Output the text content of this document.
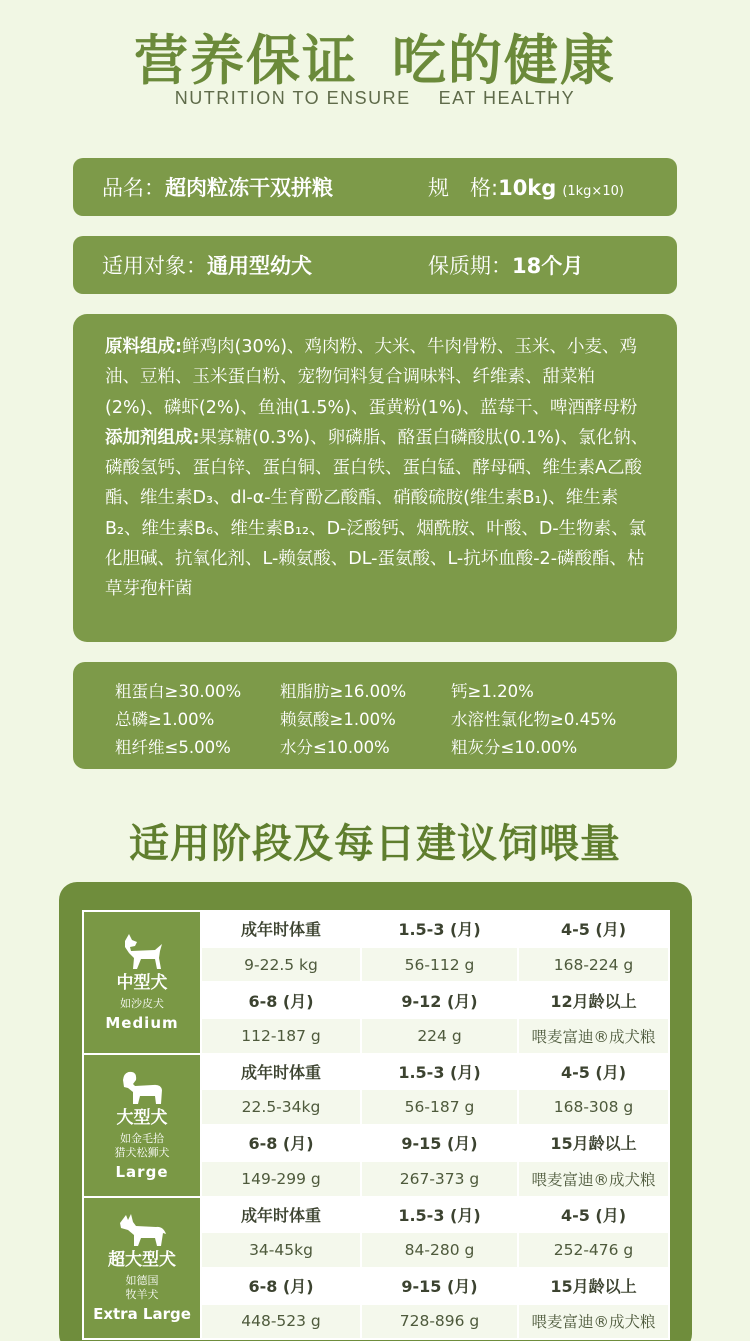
营养保证 吃的健康
NUTRITION TO ENSURE EAT HEALTHY
品名： 超肉粒冻干双拼粮	规　格:10kg (1kg×10)
适用对象： 通用型幼犬	保质期：18个月
原料组成:鲜鸡肉(30%)、鸡肉粉、大米、牛肉骨粉、玉米、小麦、鸡油、豆粕、玉米蛋白粉、宠物饲料复合调味料、纤维素、甜菜粕(2%)、磷虾(2%)、鱼油(1.5%)、蛋黄粉(1%)、蓝莓干、啤酒酵母粉
添加剂组成:果寡糖(0.3%)、卵磷脂、酪蛋白磷酸肽(0.1%)、氯化钠、磷酸氢钙、蛋白锌、蛋白铜、蛋白铁、蛋白锰、酵母硒、维生素A乙酸酯、维生素D₃、dl-α-生育酚乙酸酯、硝酸硫胺(维生素B₁)、维生素B₂、维生素B₆、维生素B₁₂、D-泛酸钙、烟酰胺、叶酸、D-生物素、氯化胆碱、抗氧化剂、L-赖氨酸、DL-蛋氨酸、L-抗坏血酸-2-磷酸酯、枯草芽孢杆菌
粗蛋白≥30.00% 粗脂肪≥16.00%	钙≥1.20%
总磷≥1.00%	赖氨酸≥1.00%	水溶性氯化物≥0.45%
粗纤维≤5.00%	水分≤10.00%	粗灰分≤10.00%
适用阶段及每日建议饲喂量
中型犬
如沙皮犬
Medium	成年时体重	1.5-3 (月)	4-5 (月)
	9-22.5 kg	56-112 g	168-224 g
	6-8 (月)	9-12 (月)	12月龄以上
	112-187 g	224 g	喂麦富迪®成犬粮

大型犬
如金毛拾
猎犬松狮犬
Large	成年时体重	1.5-3 (月)	4-5 (月)
	22.5-34kg	56-187 g	168-308 g
	6-8 (月)	9-15 (月)	15月龄以上
	149-299 g	267-373 g	喂麦富迪®成犬粮

超大型犬
如德国
牧羊犬
Extra Large	成年时体重	1.5-3 (月)	4-5 (月)
	34-45kg	84-280 g	252-476 g
	6-8 (月)	9-15 (月)	15月龄以上
	448-523 g	728-896 g	喂麦富迪®成犬粮
